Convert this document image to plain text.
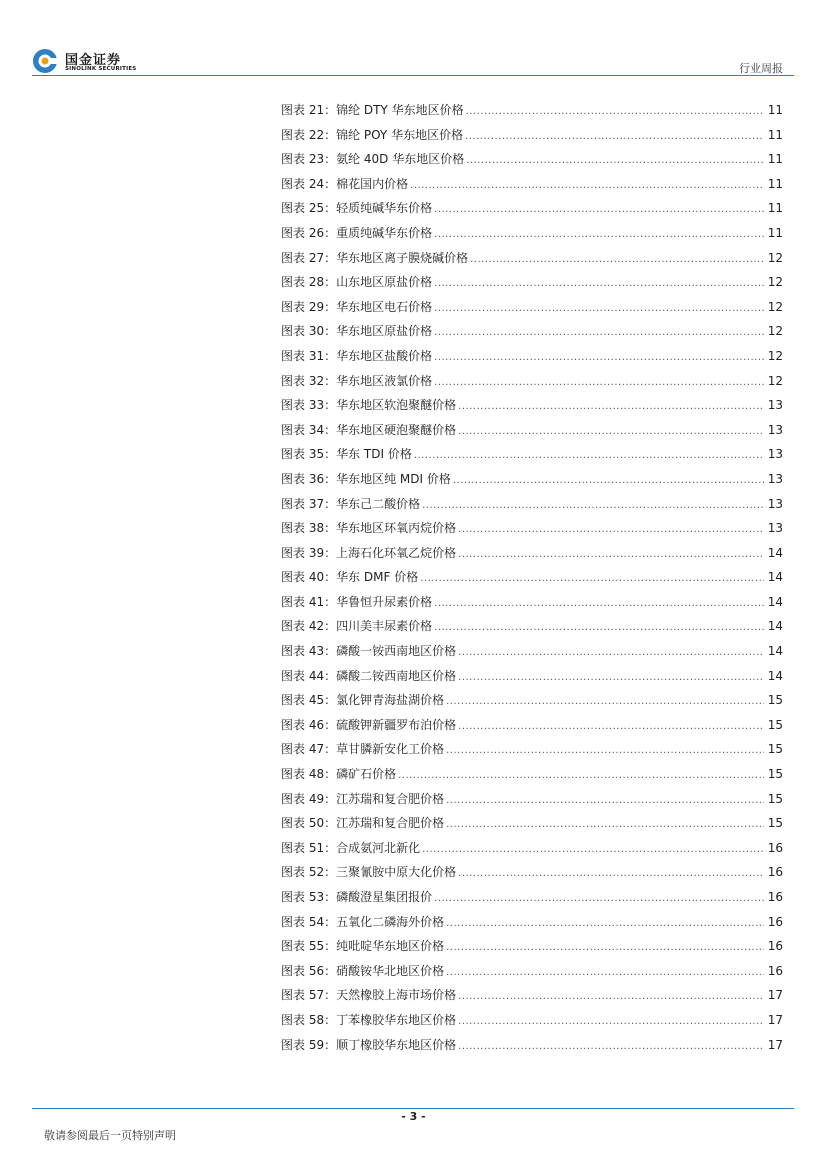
国金证券
SINOLINK SECURITIES	行业周报
图表 21：锦纶 DTY 华东地区价格 .....	11
图表 22：锦纶 POY 华东地区价格 .....	11
图表 23：氨纶 40D 华东地区价格 .....	11
图表 24：棉花国内价格 .....	11
图表 25：轻质纯碱华东价格 .....	11
图表 26：重质纯碱华东价格 .....	11
图表 27：华东地区离子膜烧碱价格 .....	12
图表 28：山东地区原盐价格 .....	12
图表 29：华东地区电石价格 .....	12
图表 30：华东地区原盐价格 .....	12
图表 31：华东地区盐酸价格 .....	12
图表 32：华东地区液氯价格 .....	12
图表 33：华东地区软泡聚醚价格 .....	13
图表 34：华东地区硬泡聚醚价格 .....	13
图表 35：华东 TDI 价格 .....	13
图表 36：华东地区纯 MDI 价格 .....	13
图表 37：华东己二酸价格 .....	13
图表 38：华东地区环氧丙烷价格 .....	13
图表 39：上海石化环氧乙烷价格 .....	14
图表 40：华东 DMF 价格 .....	14
图表 41：华鲁恒升尿素价格 .....	14
图表 42：四川美丰尿素价格 .....	14
图表 43：磷酸一铵西南地区价格 .....	14
图表 44：磷酸二铵西南地区价格 .....	14
图表 45：氯化钾青海盐湖价格 .....	15
图表 46：硫酸钾新疆罗布泊价格 .....	15
图表 47：草甘膦新安化工价格 .....	15
图表 48：磷矿石价格 .....	15
图表 49：江苏瑞和复合肥价格 .....	15
图表 50：江苏瑞和复合肥价格 .....	15
图表 51：合成氨河北新化 .....	16
图表 52：三聚氰胺中原大化价格 .....	16
图表 53：磷酸澄星集团报价 .....	16
图表 54：五氧化二磷海外价格 .....	16
图表 55：纯吡啶华东地区价格 .....	16
图表 56：硝酸铵华北地区价格 .....	16
图表 57：天然橡胶上海市场价格 .....	17
图表 58：丁苯橡胶华东地区价格 .....	17
图表 59：顺丁橡胶华东地区价格 .....	17
- 3 -
敬请参阅最后一页特别声明
